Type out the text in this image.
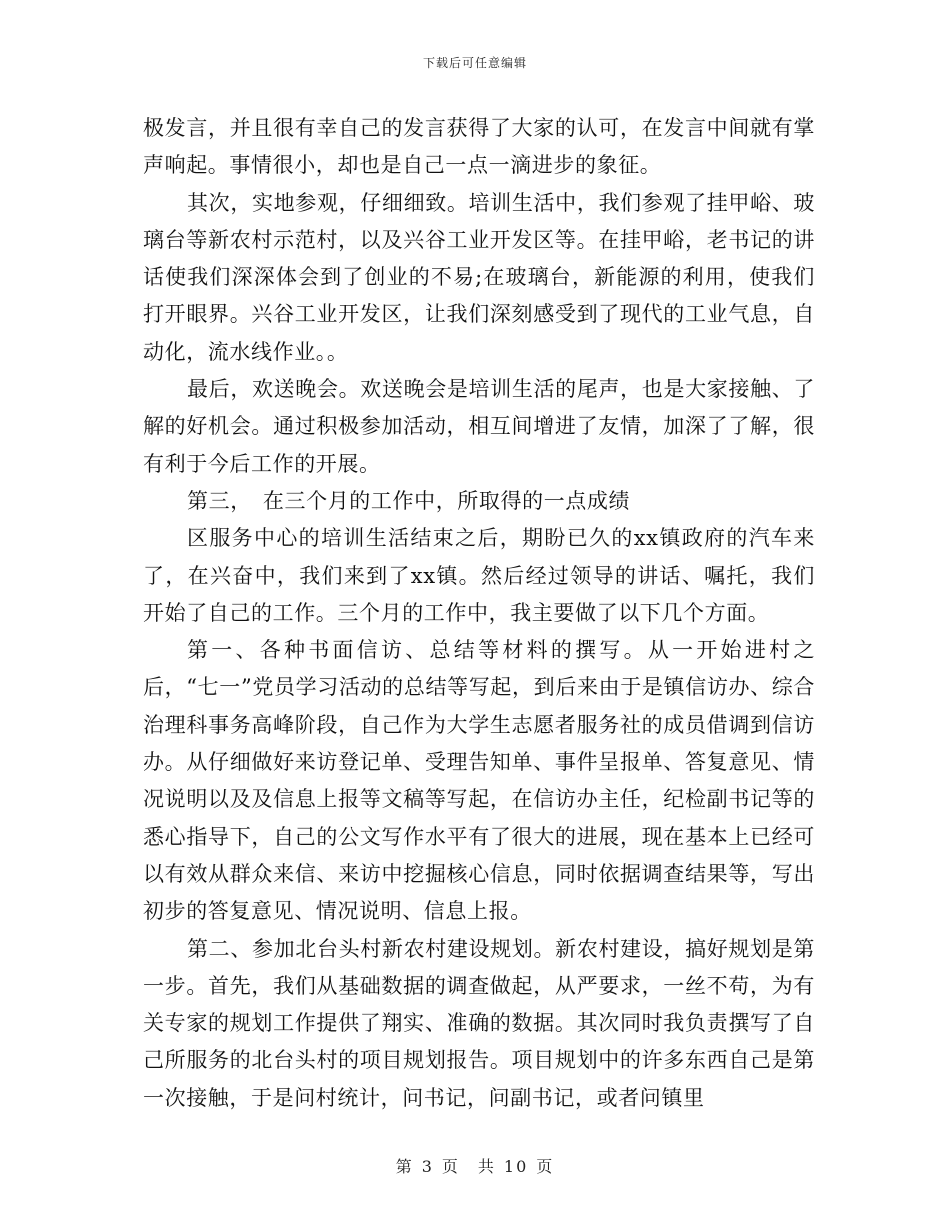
下载后可任意编辑

极发言，并且很有幸自己的发言获得了大家的认可，在发言中间就有掌声响起。事情很小，却也是自己一点一滴进步的象征。

其次，实地参观，仔细细致。培训生活中，我们参观了挂甲峪、玻璃台等新农村示范村，以及兴谷工业开发区等。在挂甲峪，老书记的讲话使我们深深体会到了创业的不易;在玻璃台，新能源的利用，使我们打开眼界。兴谷工业开发区，让我们深刻感受到了现代的工业气息，自动化，流水线作业。。

最后，欢送晚会。欢送晚会是培训生活的尾声，也是大家接触、了解的好机会。通过积极参加活动，相互间增进了友情，加深了了解，很有利于今后工作的开展。

第三，　在三个月的工作中，所取得的一点成绩

区服务中心的培训生活结束之后，期盼已久的xx镇政府的汽车来了，在兴奋中，我们来到了xx镇。然后经过领导的讲话、嘱托，我们开始了自己的工作。三个月的工作中，我主要做了以下几个方面。

第一、各种书面信访、总结等材料的撰写。从一开始进村之后，“七一”党员学习活动的总结等写起，到后来由于是镇信访办、综合治理科事务高峰阶段，自己作为大学生志愿者服务社的成员借调到信访办。从仔细做好来访登记单、受理告知单、事件呈报单、答复意见、情况说明以及及信息上报等文稿等写起，在信访办主任，纪检副书记等的悉心指导下，自己的公文写作水平有了很大的进展，现在基本上已经可以有效从群众来信、来访中挖掘核心信息，同时依据调查结果等，写出初步的答复意见、情况说明、信息上报。

第二、参加北台头村新农村建设规划。新农村建设，搞好规划是第一步。首先，我们从基础数据的调查做起，从严要求，一丝不苟，为有关专家的规划工作提供了翔实、准确的数据。其次同时我负责撰写了自己所服务的北台头村的项目规划报告。项目规划中的许多东西自己是第一次接触，于是问村统计，问书记，问副书记，或者问镇里

第 3 页　共 10 页
